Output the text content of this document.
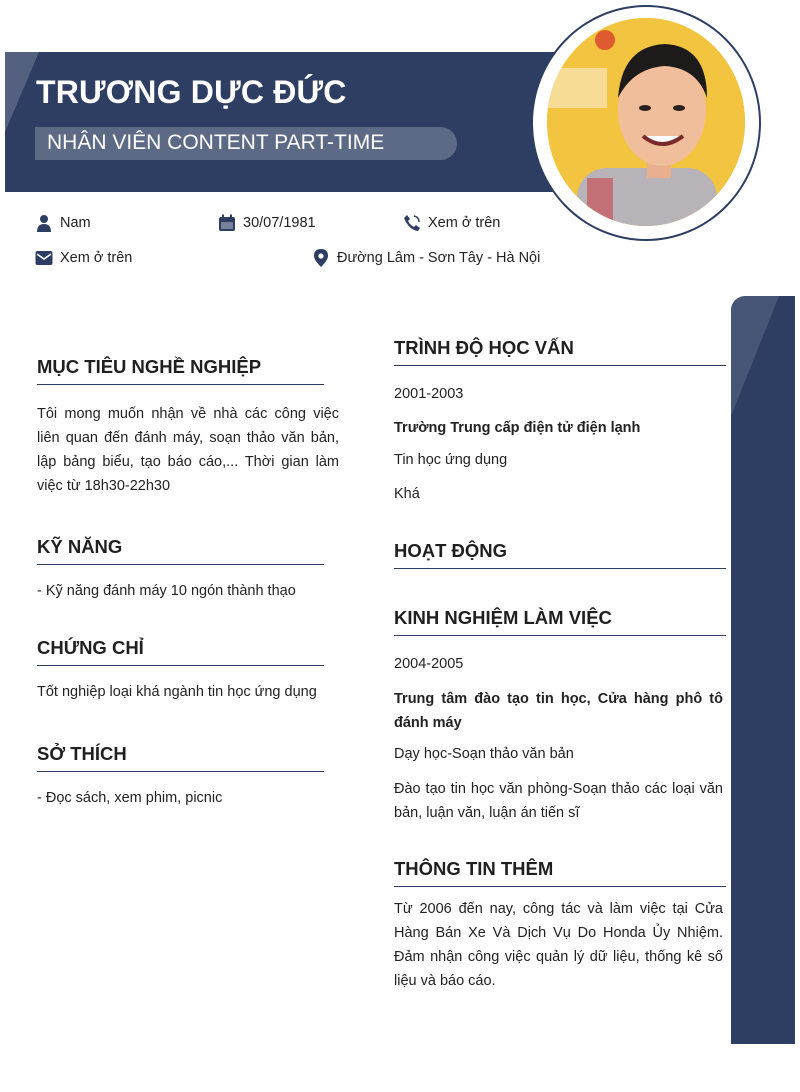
TRƯƠNG DỰC ĐỨC
NHÂN VIÊN CONTENT PART-TIME
Nam	30/07/1981	Xem ở trên
Xem ở trên	Đường Lâm - Sơn Tây - Hà Nội
MỤC TIÊU NGHỀ NGHIỆP

Tôi mong muốn nhận về nhà các công việc liên quan đến đánh máy, soạn thảo văn bản, lập bảng biểu, tạo báo cáo,... Thời gian làm việc từ 18h30-22h30

KỸ NĂNG

- Kỹ năng đánh máy 10 ngón thành thạo

CHỨNG CHỈ

Tốt nghiệp loại khá ngành tin học ứng dụng

SỞ THÍCH

- Đọc sách, xem phim, picnic

TRÌNH ĐỘ HỌC VẤN

2001-2003

Trường Trung cấp điện tử điện lạnh

Tin học ứng dụng

Khá

HOẠT ĐỘNG
KINH NGHIỆM LÀM VIỆC

2004-2005

Trung tâm đào tạo tin học, Cửa hàng phô tô đánh máy

Dạy học-Soạn thảo văn bản

Đào tạo tin học văn phòng-Soạn thảo các loại văn bản, luận văn, luận án tiến sĩ

THÔNG TIN THÊM

Từ 2006 đến nay, công tác và làm việc tại Cửa Hàng Bán Xe Và Dịch Vụ Do Honda Ủy Nhiệm. Đảm nhận công việc quản lý dữ liệu, thống kê số liệu và báo cáo.
